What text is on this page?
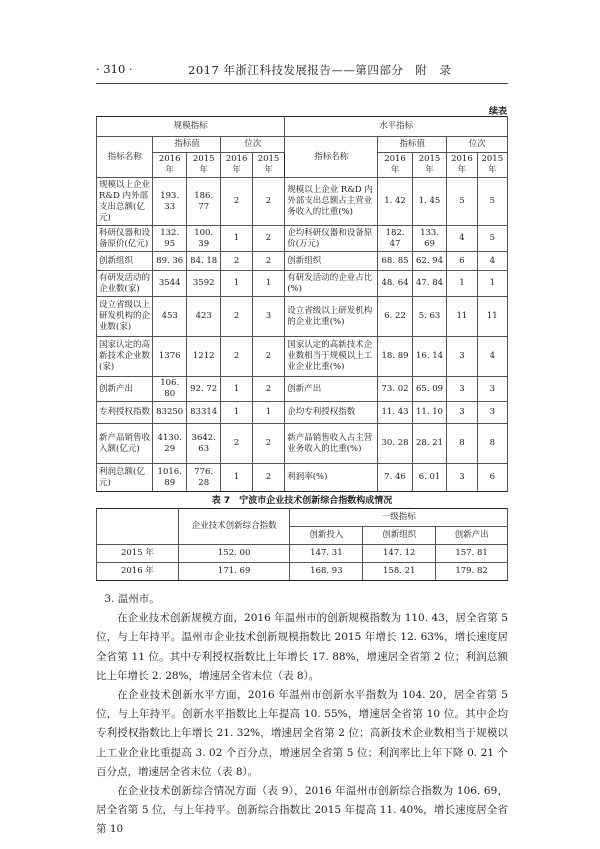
· 310 ·	2017 年浙江科技发展报告——第四部分　附　录
续表
规模指标					水平指标				
指标名称	指标值		位次		指标名称	指标值		位次	
	2016 年	2015 年	2016 年	2015 年		2016 年	2015 年	2016 年	2015 年
规模以上企业 R&D 内外部支出总额(亿元)	193. 33	186. 77	2	2	规模以上企业 R&D 内外部支出总额占主营业务收入的比重(%)	1. 42	1. 45	5	5
科研仪器和设备原价(亿元)	132. 95	100. 39	1	2	企均科研仪器和设备原价(万元)	182. 47	133. 69	4	5
创新组织	89. 36	84. 18	2	2	创新组织	68. 85	62. 94	6	4
有研发活动的企业数(家)	3544	3592	1	1	有研发活动的企业占比(%)	48. 64	47. 84	1	1
设立省级以上研发机构的企业数(家)	453	423	2	3	设立省级以上研发机构的企业比重(%)	6. 22	5. 63	11	11
国家认定的高新技术企业数(家)	1376	1212	2	2	国家认定的高新技术企业数相当于规模以上工业企业比重(%)	18. 89	16. 14	3	4
创新产出	106. 80	92. 72	1	2	创新产出	73. 02	65. 09	3	3
专利授权指数	83250	83314	1	1	企均专利授权指数	11. 43	11. 10	3	3
新产品销售收入额(亿元)	4130. 29	3642. 63	2	2	新产品销售收入占主营业务收入的比重(%)	30. 28	28. 21	8	8
利润总额(亿元)	1016. 89	776. 28	1	2	利润率(%)	7. 46	6. 01	3	6
表 7　宁波市企业技术创新综合指数构成情况
	企业技术创新综合指数	一级指标		
		创新投入	创新组织	创新产出
2015 年	152. 00	147. 31	147. 12	157. 81
2016 年	171. 69	168. 93	158. 21	179. 82

3. 温州市。

在企业技术创新规模方面，2016 年温州市的创新规模指数为 110. 43，居全省第 5 位，与上年持平。温州市企业技术创新规模指数比 2015 年增长 12. 63%，增长速度居全省第 11 位。其中专利授权指数比上年增长 17. 88%，增速居全省第 2 位；利润总额比上年增长 2. 28%，增速居全省末位（表 8）。

在企业技术创新水平方面，2016 年温州市创新水平指数为 104. 20，居全省第 5 位，与上年持平。创新水平指数比上年提高 10. 55%，增速居全省第 10 位。其中企均专利授权指数比上年增长 21. 32%，增速居全省第 2 位；高新技术企业数相当于规模以上工业企业比重提高 3. 02 个百分点，增速居全省第 5 位；利润率比上年下降 0. 21 个百分点，增速居全省末位（表 8）。

在企业技术创新综合情况方面（表 9），2016 年温州市创新综合指数为 106. 69，居全省第 5 位，与上年持平。创新综合指数比 2015 年提高 11. 40%，增长速度居全省第 10
